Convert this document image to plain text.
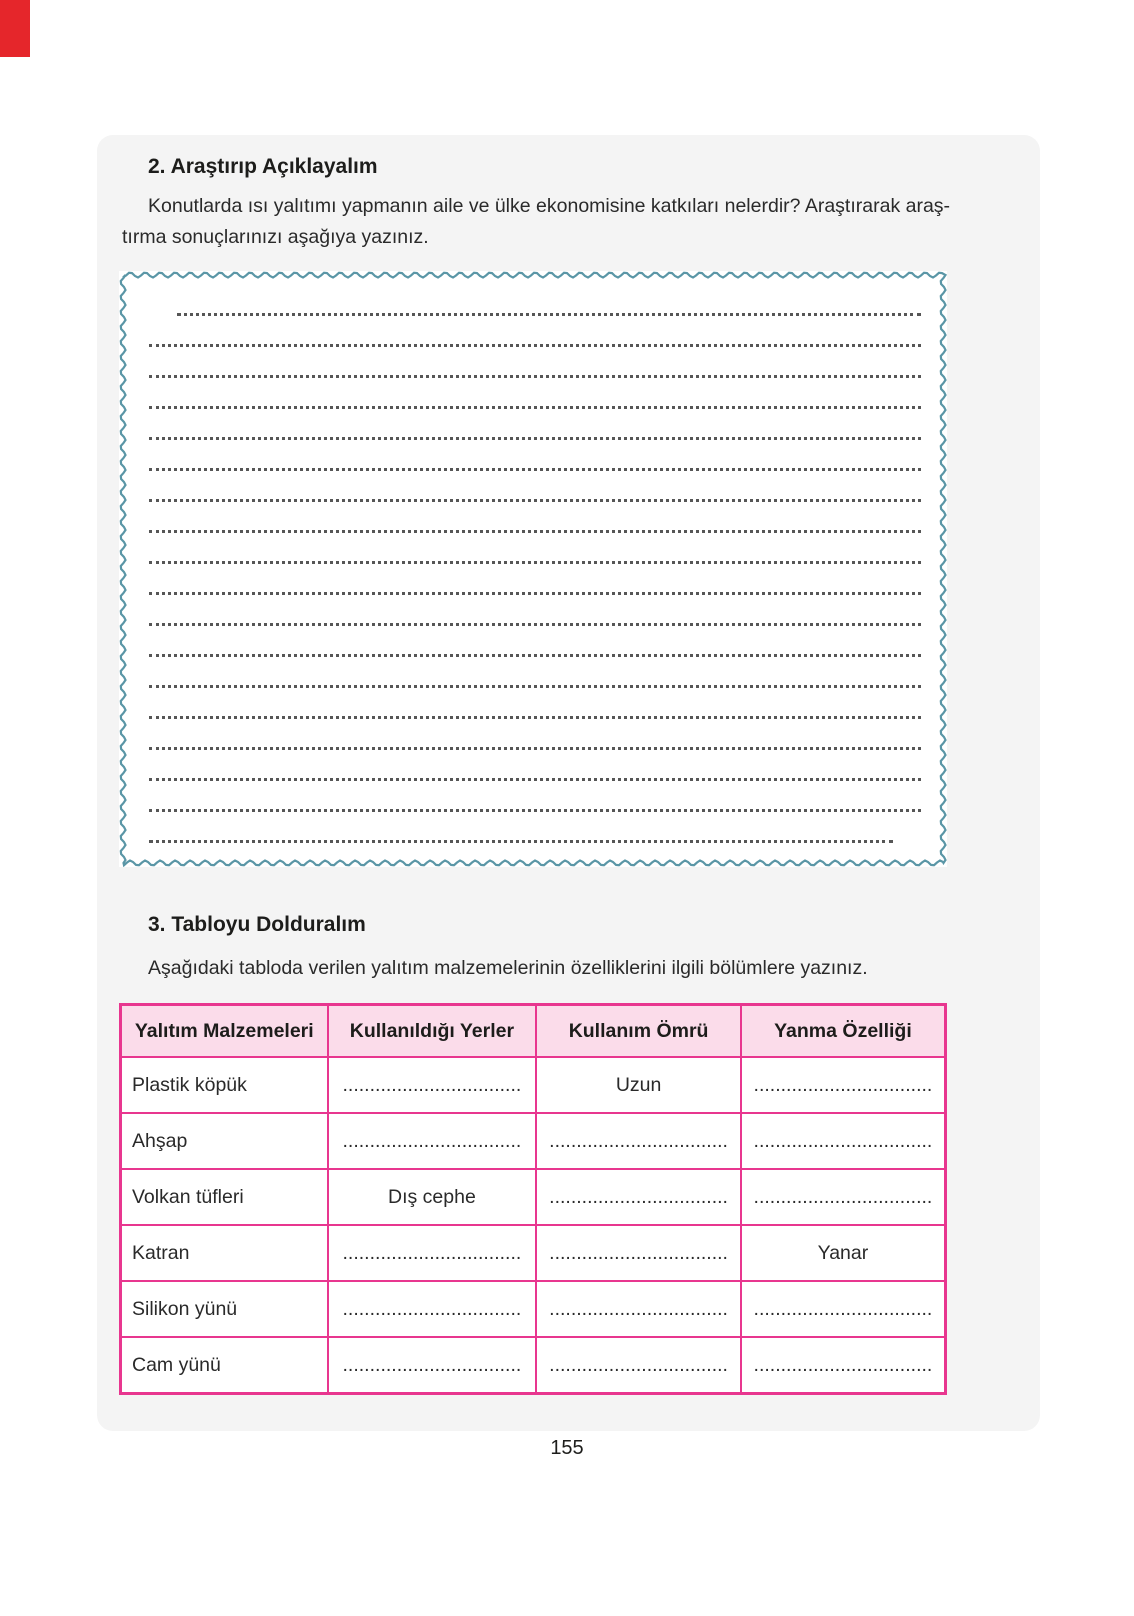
2. Araştırıp Açıklayalım
Konutlarda ısı yalıtımı yapmanın aile ve ülke ekonomisine katkıları nelerdir? Araştırarak araş-
tırma sonuçlarınızı aşağıya yazınız.
3. Tabloyu Dolduralım
Aşağıdaki tabloda verilen yalıtım malzemelerinin özelliklerini ilgili bölümlere yazınız.
Yalıtım Malzemeleri	Kullanıldığı Yerler	Kullanım Ömrü	Yanma Özelliği
Plastik köpük	.................................	Uzun	.................................
Ahşap	.................................	.................................	.................................
Volkan tüfleri	Dış cephe	.................................	.................................
Katran	.................................	.................................	Yanar
Silikon yünü	.................................	.................................	.................................
Cam yünü	.................................	.................................	.................................
155
